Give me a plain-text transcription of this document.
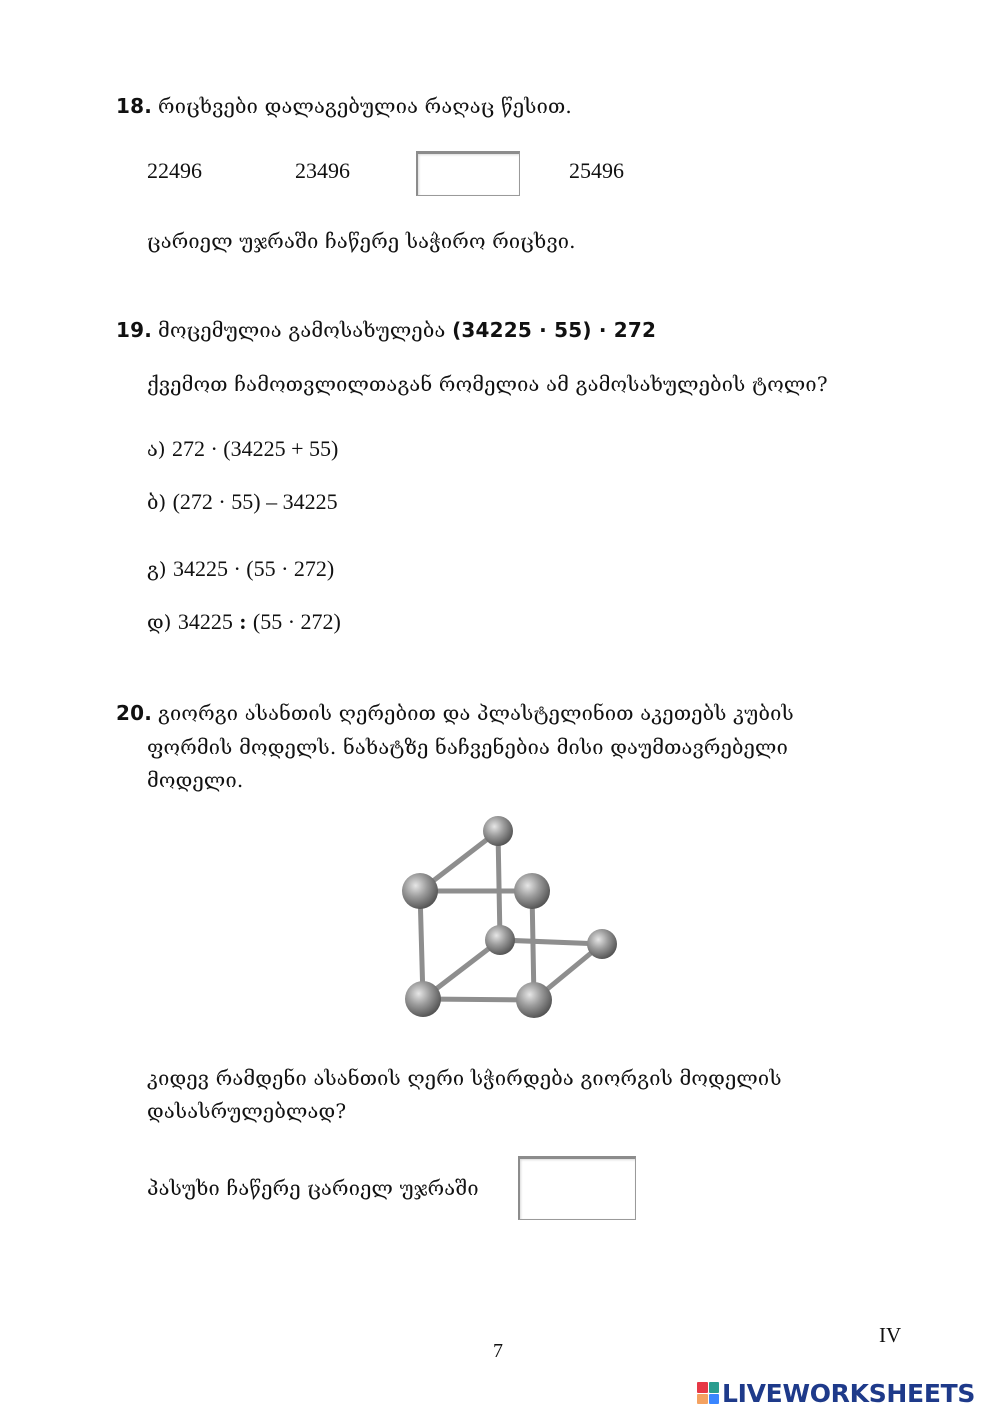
18. რიცხვები დალაგებულია რაღაც წესით.
22496	23496	25496
ცარიელ უჯრაში ჩაწერე საჭირო რიცხვი.
19. მოცემულია გამოსახულება (34225 · 55) · 272
ქვემოთ ჩამოთვლილთაგან რომელია ამ გამოსახულების ტოლი?
ა) 272 · (34225 + 55)
ბ) (272 · 55) – 34225
გ) 34225 · (55 · 272)
დ) 34225 : (55 · 272)
20. გიორგი ასანთის ღერებით და პლასტელინით აკეთებს კუბის
ფორმის მოდელს. ნახატზე ნაჩვენებია მისი დაუმთავრებელი
მოდელი.
კიდევ რამდენი ასანთის ღერი სჭირდება გიორგის მოდელის
დასასრულებლად?
პასუხი ჩაწერე ცარიელ უჯრაში
7
IV
LIVEWORKSHEETS
